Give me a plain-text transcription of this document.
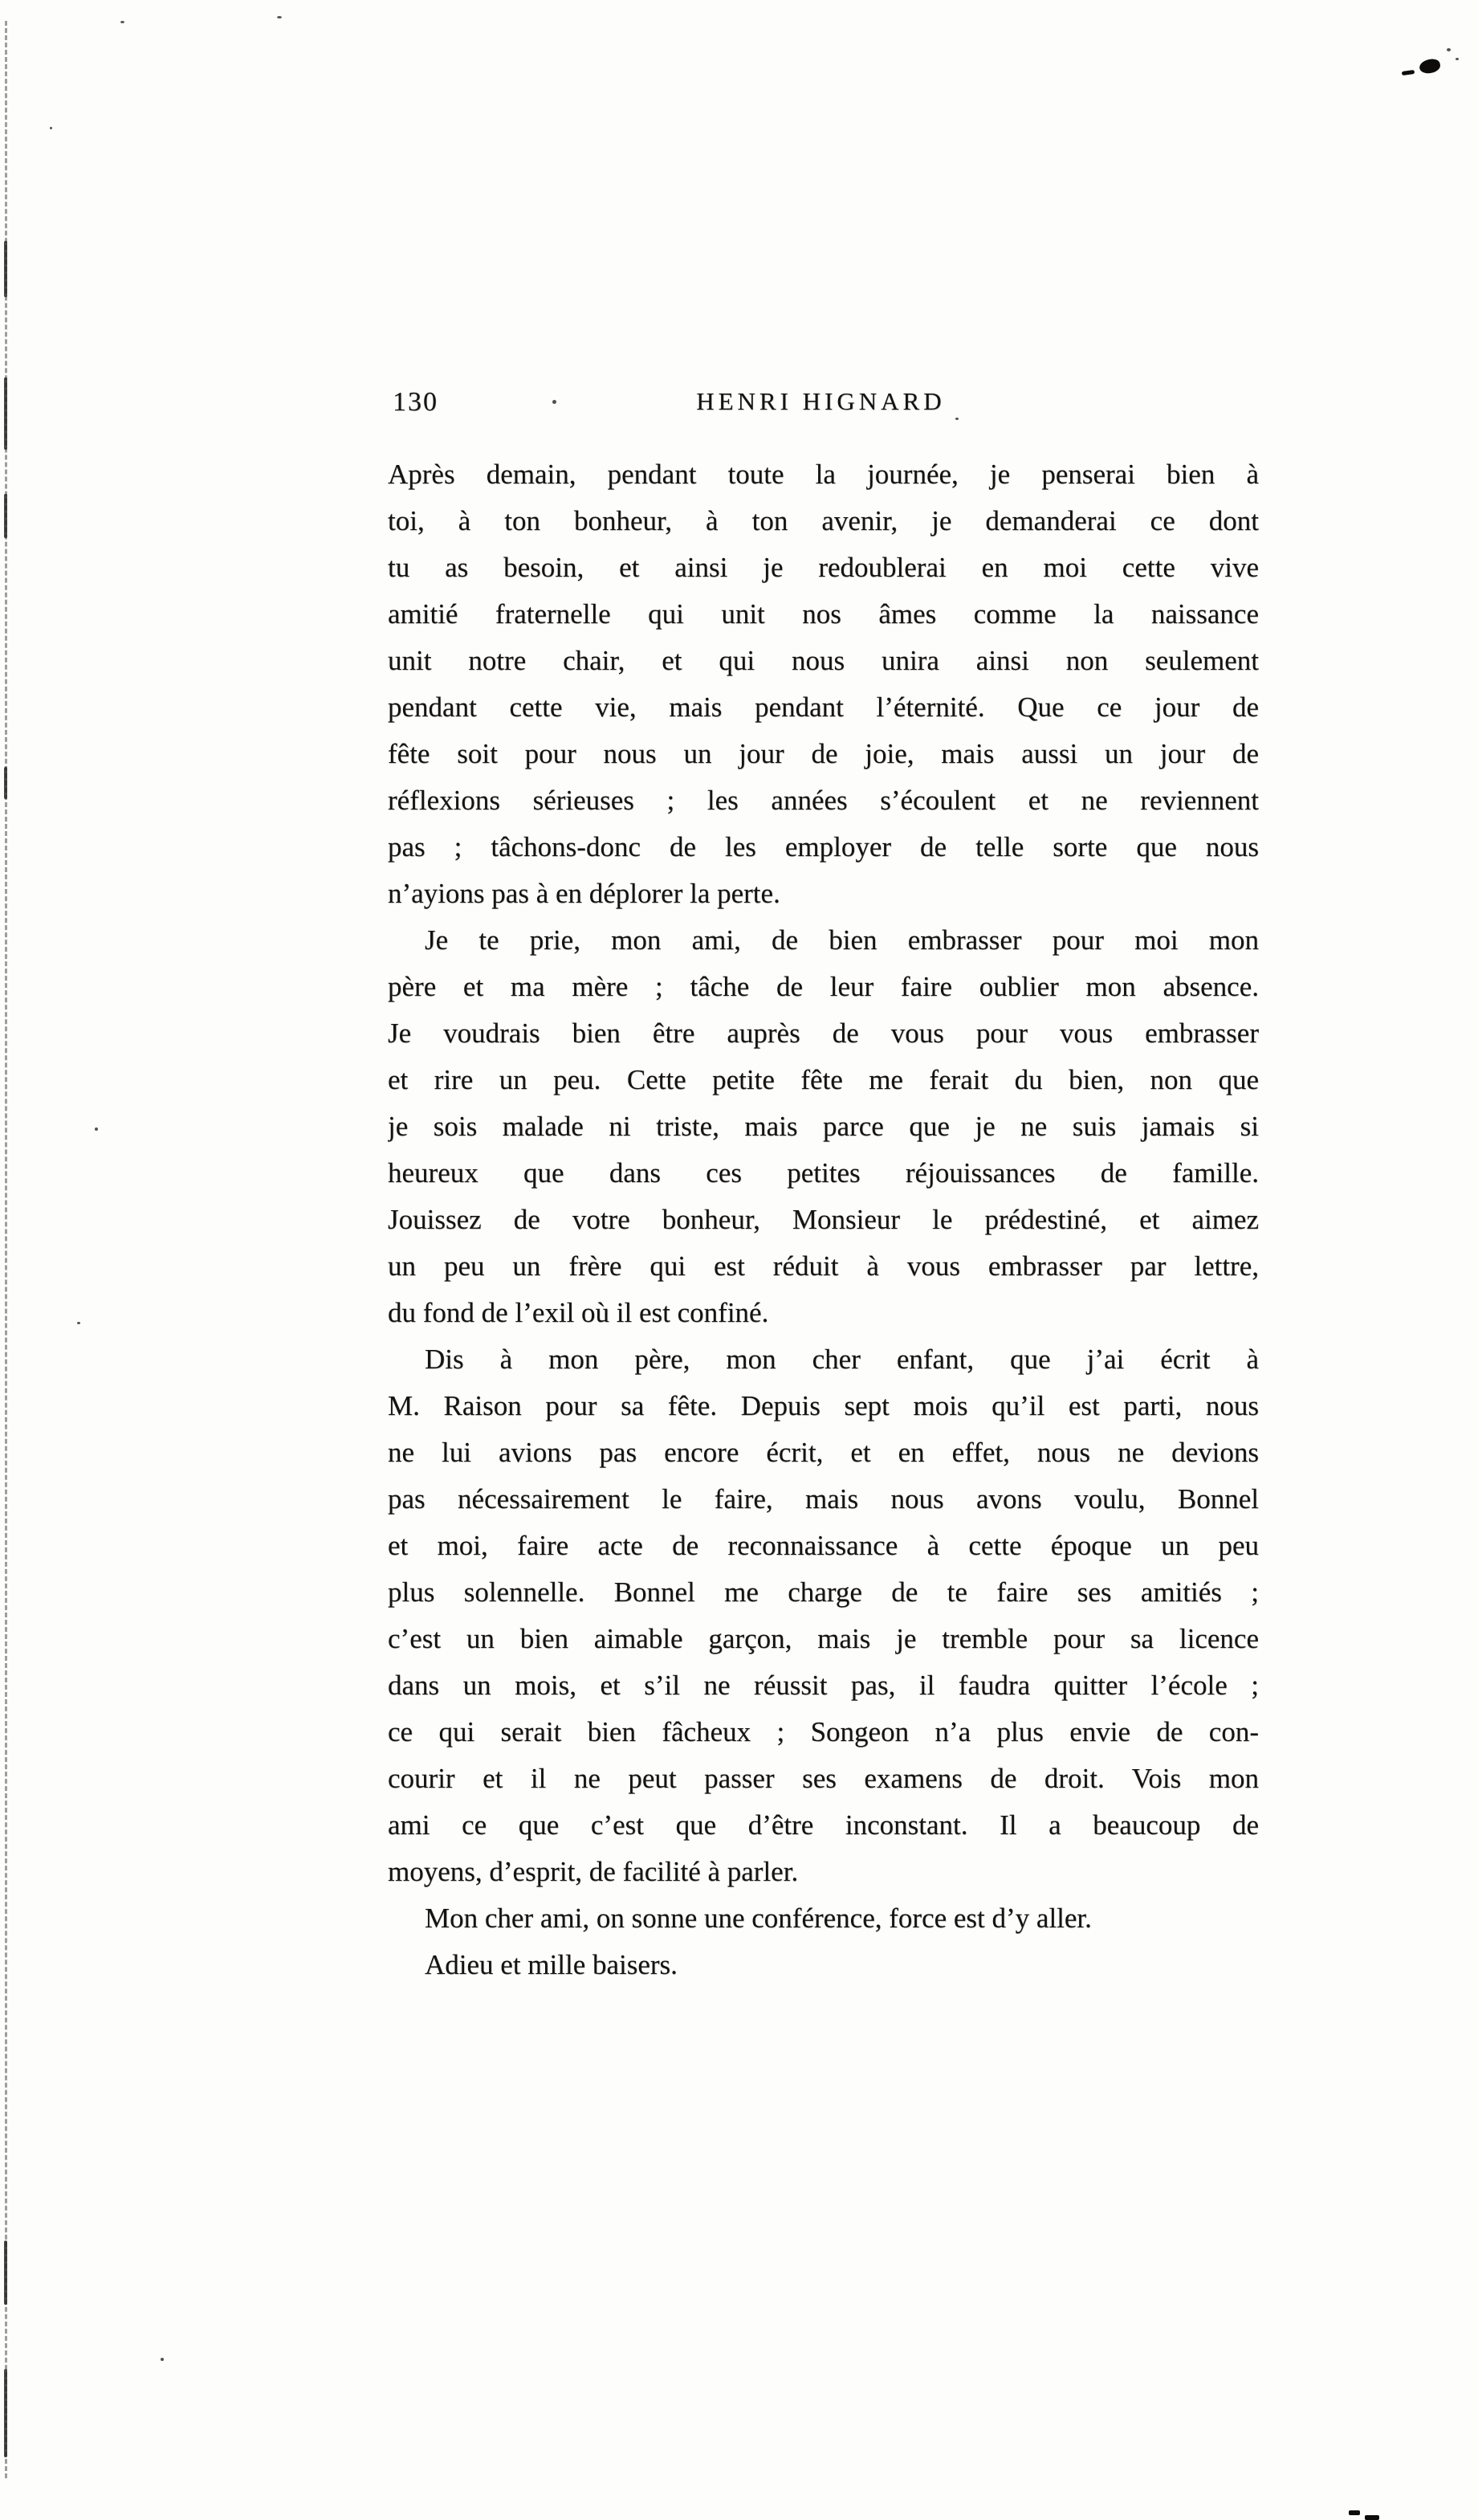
130	HENRI HIGNARD
Après demain, pendant toute la journée, je penserai bien à
toi, à ton bonheur, à ton avenir, je demanderai ce dont
tu as besoin, et ainsi je redoublerai en moi cette vive
amitié fraternelle qui unit nos âmes comme la naissance
unit notre chair, et qui nous unira ainsi non seulement
pendant cette vie, mais pendant l’éternité. Que ce jour de
fête soit pour nous un jour de joie, mais aussi un jour de
réflexions sérieuses ; les années s’écoulent et ne reviennent
pas ; tâchons-donc de les employer de telle sorte que nous
n’ayions pas à en déplorer la perte.
Je te prie, mon ami, de bien embrasser pour moi mon
père et ma mère ; tâche de leur faire oublier mon absence.
Je voudrais bien être auprès de vous pour vous embrasser
et rire un peu. Cette petite fête me ferait du bien, non que
je sois malade ni triste, mais parce que je ne suis jamais si
heureux que dans ces petites réjouissances de famille.
Jouissez de votre bonheur, Monsieur le prédestiné, et aimez
un peu un frère qui est réduit à vous embrasser par lettre,
du fond de l’exil où il est confiné.
Dis à mon père, mon cher enfant, que j’ai écrit à
M. Raison pour sa fête. Depuis sept mois qu’il est parti, nous
ne lui avions pas encore écrit, et en effet, nous ne devions
pas nécessairement le faire, mais nous avons voulu, Bonnel
et moi, faire acte de reconnaissance à cette époque un peu
plus solennelle. Bonnel me charge de te faire ses amitiés ;
c’est un bien aimable garçon, mais je tremble pour sa licence
dans un mois, et s’il ne réussit pas, il faudra quitter l’école ;
ce qui serait bien fâcheux ; Songeon n’a plus envie de con-
courir et il ne peut passer ses examens de droit. Vois mon
ami ce que c’est que d’être inconstant. Il a beaucoup de
moyens, d’esprit, de facilité à parler.
Mon cher ami, on sonne une conférence, force est d’y aller.
Adieu et mille baisers.
